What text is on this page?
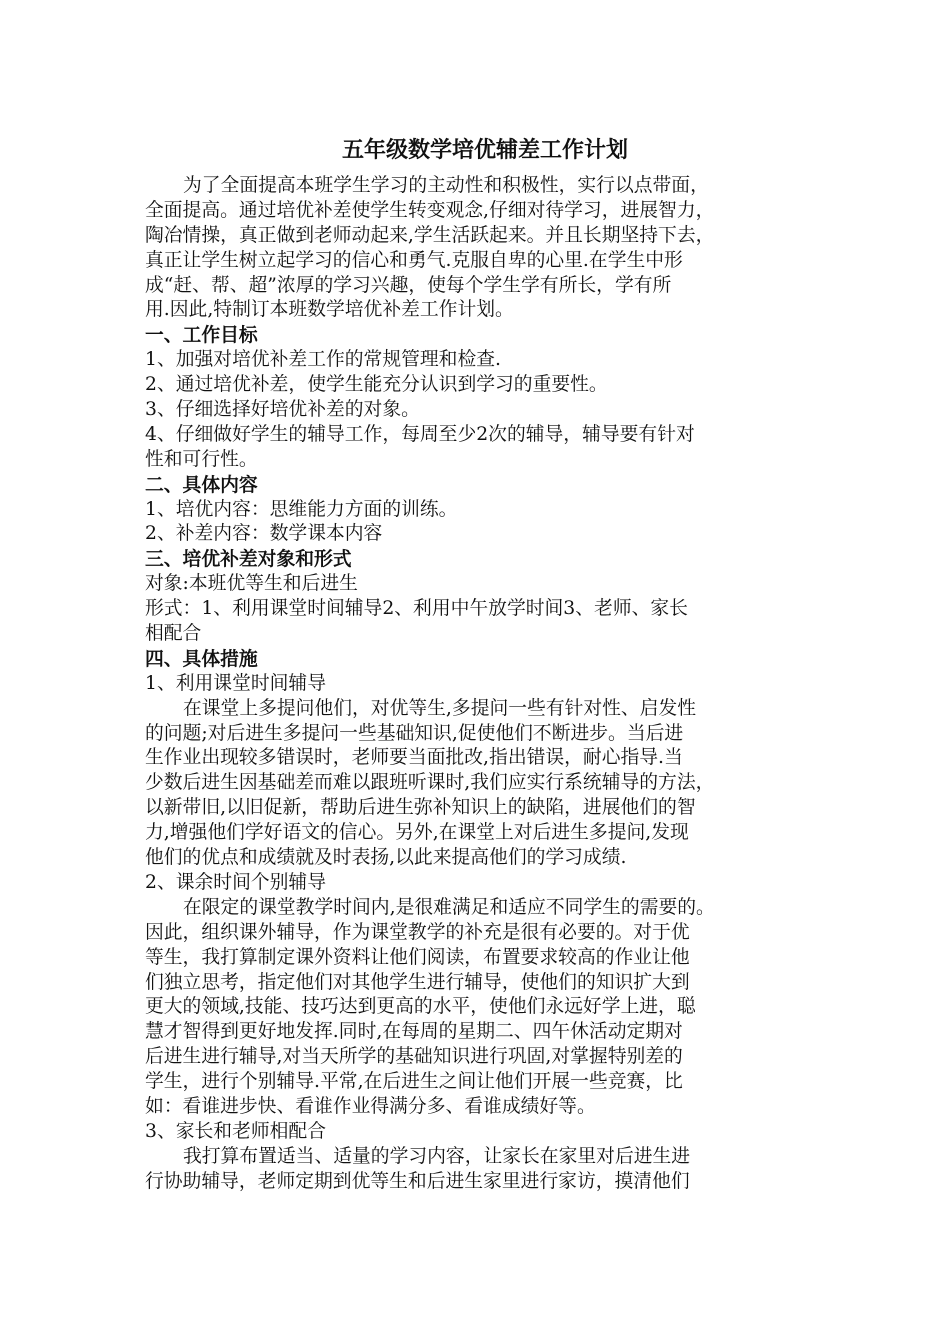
五年级数学培优辅差工作计划

为了全面提高本班学生学习的主动性和积极性，实行以点带面，

全面提高。通过培优补差使学生转变观念,仔细对待学习，进展智力，

陶冶情操，真正做到老师动起来,学生活跃起来。并且长期坚持下去，

真正让学生树立起学习的信心和勇气.克服自卑的心里.在学生中形

成“赶、帮、超”浓厚的学习兴趣，使每个学生学有所长，学有所

用.因此,特制订本班数学培优补差工作计划。

一、工作目标

1、加强对培优补差工作的常规管理和检查.

2、通过培优补差，使学生能充分认识到学习的重要性。

3、仔细选择好培优补差的对象。

4、仔细做好学生的辅导工作，每周至少2次的辅导，辅导要有针对

性和可行性。

二、具体内容

1、培优内容：思维能力方面的训练。

2、补差内容：数学课本内容

三、培优补差对象和形式

对象:本班优等生和后进生

形式：1、利用课堂时间辅导2、利用中午放学时间3、老师、家长

相配合

四、具体措施

1、利用课堂时间辅导

在课堂上多提问他们，对优等生,多提问一些有针对性、启发性

的问题;对后进生多提问一些基础知识,促使他们不断进步。当后进

生作业出现较多错误时，老师要当面批改,指出错误，耐心指导.当

少数后进生因基础差而难以跟班听课时,我们应实行系统辅导的方法，

以新带旧,以旧促新，帮助后进生弥补知识上的缺陷，进展他们的智

力,增强他们学好语文的信心。另外,在课堂上对后进生多提问,发现

他们的优点和成绩就及时表扬,以此来提高他们的学习成绩.

2、课余时间个别辅导

在限定的课堂教学时间内,是很难满足和适应不同学生的需要的。

因此，组织课外辅导，作为课堂教学的补充是很有必要的。对于优

等生，我打算制定课外资料让他们阅读，布置要求较高的作业让他

们独立思考，指定他们对其他学生进行辅导，使他们的知识扩大到

更大的领域,技能、技巧达到更高的水平，使他们永远好学上进，聪

慧才智得到更好地发挥.同时,在每周的星期二、四午休活动定期对

后进生进行辅导,对当天所学的基础知识进行巩固,对掌握特别差的

学生，进行个别辅导.平常,在后进生之间让他们开展一些竞赛，比

如：看谁进步快、看谁作业得满分多、看谁成绩好等。

3、家长和老师相配合

我打算布置适当、适量的学习内容，让家长在家里对后进生进

行协助辅导，老师定期到优等生和后进生家里进行家访，摸清他们
